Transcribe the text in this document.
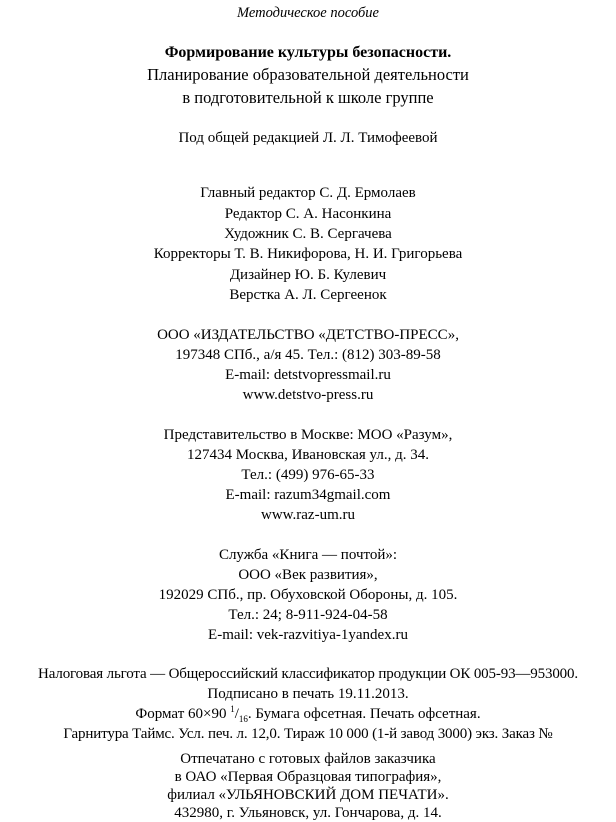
Методическое пособие

Формирование культуры безопасности.

Планирование образовательной деятельности

в подготовительной к школе группе

Под общей редакцией Л. Л. Тимофеевой

Главный редактор С. Д. Ермолаев

Редактор С. А. Насонкина

Художник С. В. Сергачева

Корректоры Т. В. Никифорова, Н. И. Григорьева

Дизайнер Ю. Б. Кулевич

Верстка А. Л. Сергеенок

ООО «ИЗДАТЕЛЬСТВО «ДЕТСТВО-ПРЕСС»,

197348 СПб., а/я 45. Тел.: (812) 303-89-58

E-mail: detstvopressmail.ru

www.detstvo-press.ru

Представительство в Москве: МОО «Разум»,

127434 Москва, Ивановская ул., д. 34.

Тел.: (499) 976-65-33

E-mail: razum34gmail.com

www.raz-um.ru

Служба «Книга — почтой»:

ООО «Век развития»,

192029 СПб., пр. Обуховской Обороны, д. 105.

Тел.: 24; 8-911-924-04-58

E-mail: vek-razvitiya-1yandex.ru

Налоговая льгота — Общероссийский классификатор продукции ОК 005-93—953000.

Подписано в печать 19.11.2013.

Формат 60×90 $^1/_{16}$. Бумага офсетная. Печать офсетная.

Гарнитура Таймс. Усл. печ. л. 12,0. Тираж 10 000 (1-й завод 3000) экз. Заказ №

Отпечатано с готовых файлов заказчика

в ОАО «Первая Образцовая типография»,

филиал «УЛЬЯНОВСКИЙ ДОМ ПЕЧАТИ».

432980, г. Ульяновск, ул. Гончарова, д. 14.
